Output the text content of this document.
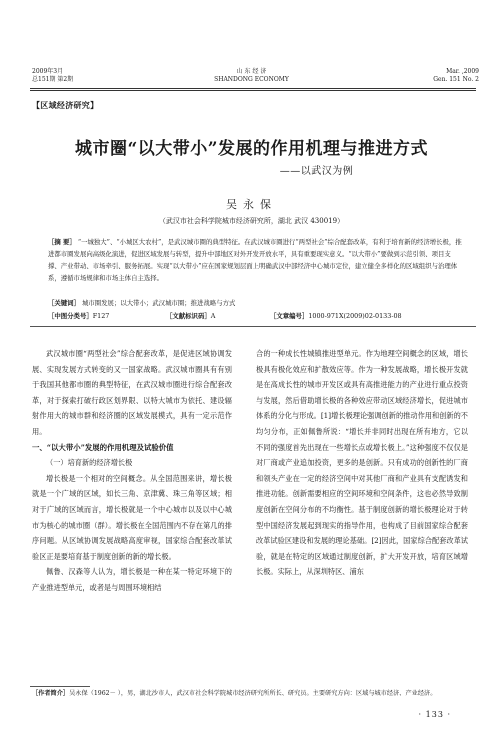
2009年3月
总151期 第2期
山 东 经 济
SHANDONG ECONOMY
Mar. ,2009
Gen. 151 No. 2
【区域经济研究】
城市圈“以大带小”发展的作用机理与推进方式
——以武汉为例
吴永保
（武汉市社会科学院城市经济研究所，湖北 武汉 430019）
［摘 要］ “一城独大”、“小城区大农村”，是武汉城市圈的典型特征。在武汉城市圈进行“两型社会”综合配套改革，有利于培育新的经济增长极，推进都市圈发展向高级化演进，促进区域发展与转型，提升中部地区对外开发开放水平，具有重要现实意义。“以大带小”要做到示范引领、项目支撑、产业带动、市场牵引、服务拓展。实现“以大带小”应在国家规划层面上明确武汉中部经济中心城市定位，建立健全多样化的区域组织与治理体系，遵循市场规律和市场主体自主选择。
［关键词］ 城市圈发展；以大带小；武汉城市圈；推进战略与方式
［中图分类号］F127	［文献标识码］A	［文章编号］1000-971X(2009)02-0133-08

武汉城市圈“两型社会”综合配套改革，是促进区域协调发展、实现发展方式转变的又一国家战略。武汉城市圈具有有别于我国其他都市圈的典型特征，在武汉城市圈进行综合配套改革，对于探索打破行政区划界限、以特大城市为依托、建设辐射作用大的城市群和经济圈的区域发展模式，具有一定示范作用。

一、“以大带小”发展的作用机理及试验价值
（一）培育新的经济增长极

增长极是一个相对的空间概念。从全国范围来讲，增长极就是一个广域的区域，如长三角、京津冀、珠三角等区域；相对于广域的区域而言，增长极就是一个中心城市以及以中心城市为核心的城市圈（群）。增长极在全国范围内不存在第几的排序问题。从区域协调发展战略高度审视，国家综合配套改革试验区正是要培育基于制度创新的新的增长极。

佩鲁、汉森等人认为，增长极是一种在某一特定环境下的产业推进型单元，或者是与周围环境相结

合的一种成长性城镇推进型单元。作为地理空间概念的区域，增长极具有极化效应和扩散效应等。作为一种发展战略，增长极开发就是在高成长性的城市开发区或具有高推进能力的产业进行重点投资与发展，然后借助增长极的各种效应带动区域经济增长，促进城市体系的分化与形成。[1]增长极理论强调创新的推动作用和创新的不均匀分布，正如佩鲁所说：“增长并非同时出现在所有地方，它以不同的强度首先出现在一些增长点或增长极上。”这种强度不仅仅是对厂商或产业追加投资，更多的是创新。只有成功的创新性的厂商和领头产业在一定的经济空间中对其他厂商和产业具有支配诱发和推进功能。创新需要相应的空间环境和空间条件，这也必然导致制度创新在空间分布的不均衡性。基于制度创新的增长极理论对于转型中国经济发展起到现实的指导作用，也构成了目前国家综合配套改革试验区建设和发展的理论基础。[2]因此，国家综合配套改革试验，就是在特定的区域通过制度创新，扩大开发开放，培育区域增长极。实际上，从深圳特区、浦东

［作者简介］吴永保（1962－ ），男，湖北沙市人，武汉市社会科学院城市经济研究所所长、研究员。主要研究方向：区域与城市经济、产业经济。
· 133 ·
